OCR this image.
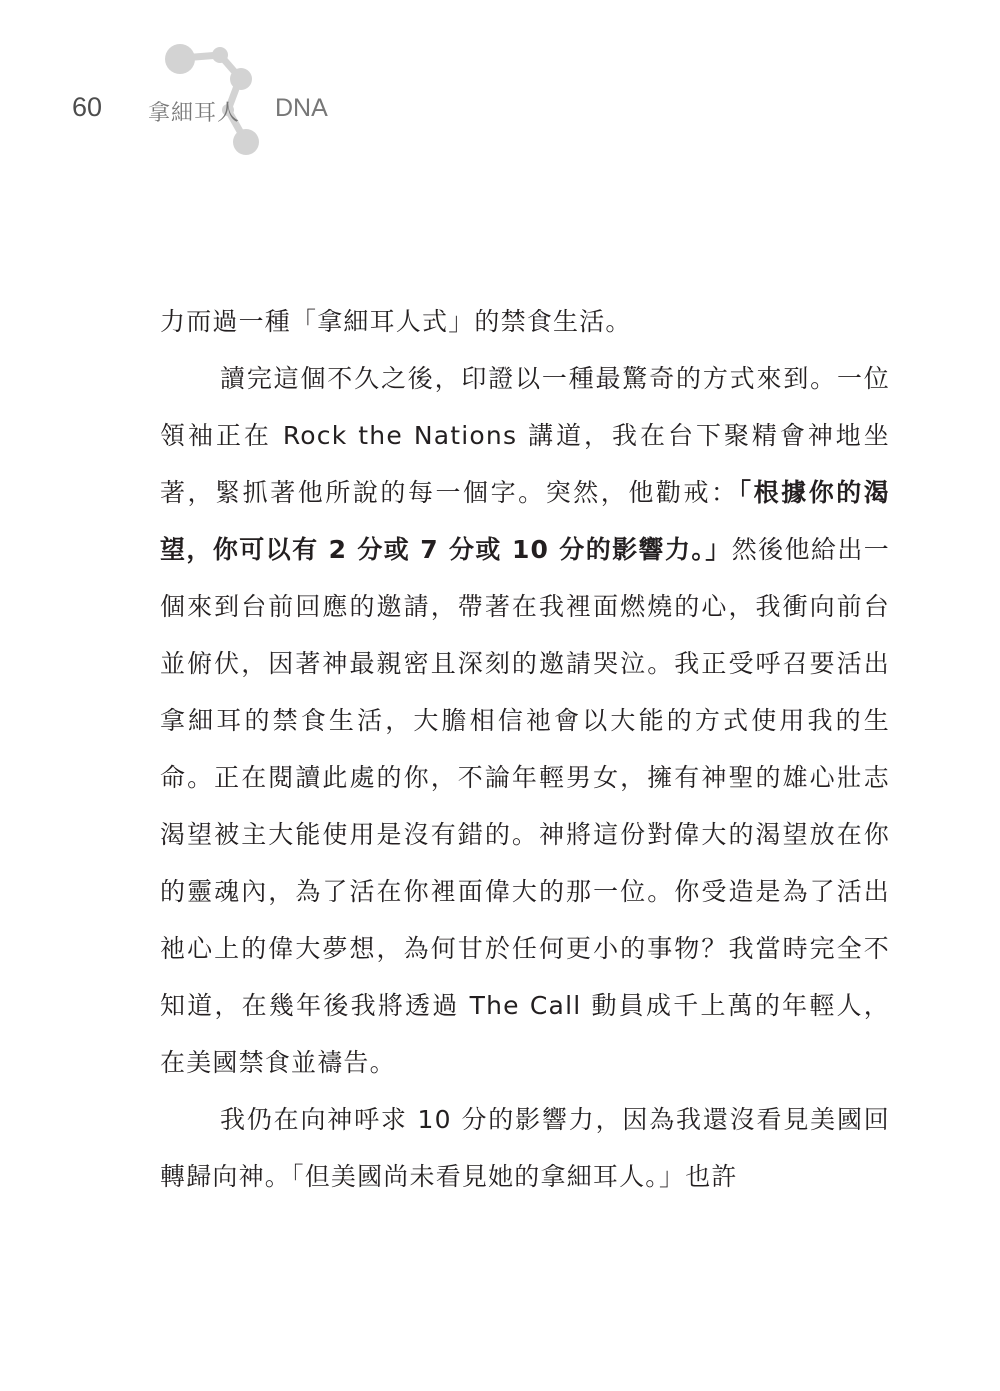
60 拿細耳人 DNA

力而過一種「拿細耳人式」的禁食生活。

讀完這個不久之後，印證以一種最驚奇的方式來到。一位領袖正在 Rock the Nations 講道，我在台下聚精會神地坐著，緊抓著他所說的每一個字。突然，他勸戒：「根據你的渴望，你可以有 2 分或 7 分或 10 分的影響力。」然後他給出一個來到台前回應的邀請，帶著在我裡面燃燒的心，我衝向前台並俯伏，因著神最親密且深刻的邀請哭泣。我正受呼召要活出拿細耳的禁食生活，大膽相信祂會以大能的方式使用我的生命。正在閱讀此處的你，不論年輕男女，擁有神聖的雄心壯志渴望被主大能使用是沒有錯的。神將這份對偉大的渴望放在你的靈魂內，為了活在你裡面偉大的那一位。你受造是為了活出祂心上的偉大夢想，為何甘於任何更小的事物？我當時完全不知道，在幾年後我將透過 The Call 動員成千上萬的年輕人，在美國禁食並禱告。

我仍在向神呼求 10 分的影響力，因為我還沒看見美國回轉歸向神。「但美國尚未看見她的拿細耳人。」也許
